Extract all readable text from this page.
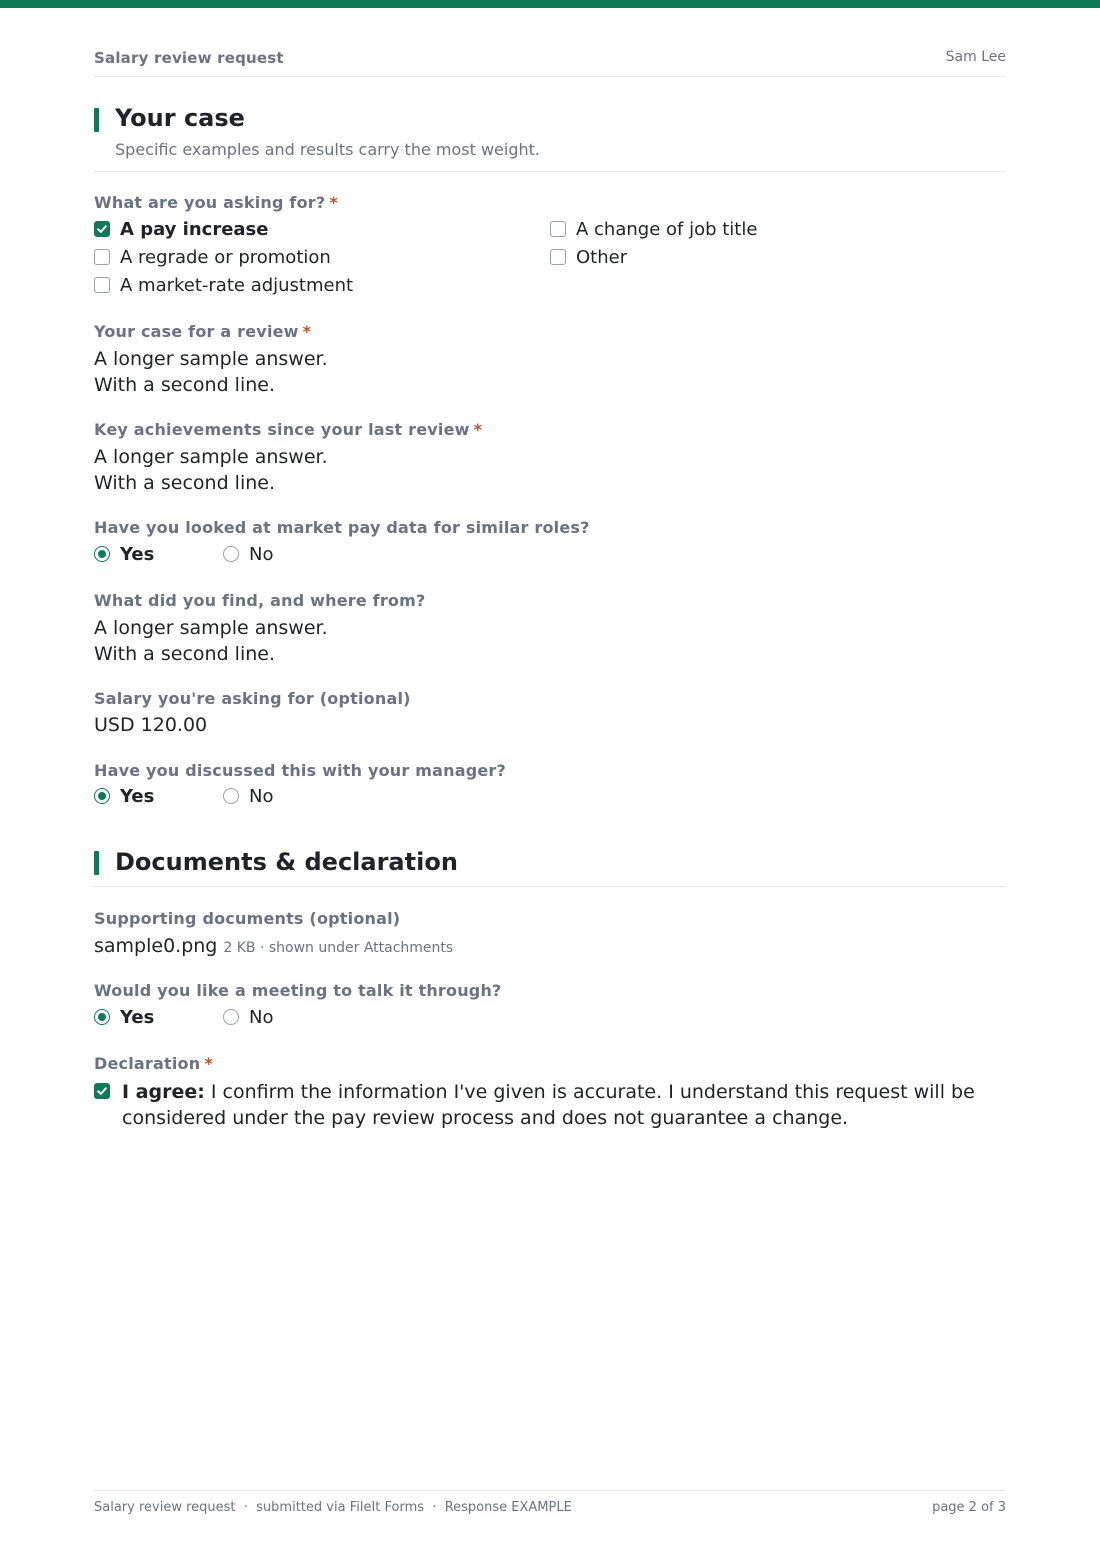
Salary review request	Sam Lee
Your case
Specific examples and results carry the most weight.
What are you asking for? *
A pay increase
A regrade or promotion
A market-rate adjustment
A change of job title
Other
Your case for a review *
A longer sample answer.
With a second line.
Key achievements since your last review *
A longer sample answer.
With a second line.
Have you looked at market pay data for similar roles?
Yes	No
What did you find, and where from?
A longer sample answer.
With a second line.
Salary you're asking for (optional)
USD 120.00
Have you discussed this with your manager?
Yes	No
Documents & declaration
Supporting documents (optional)
sample0.png 2 KB · shown under Attachments
Would you like a meeting to talk it through?
Yes	No
Declaration *
I agree: I confirm the information I've given is accurate. I understand this request will be considered under the pay review process and does not guarantee a change.
Salary review request  ·  submitted via FileIt Forms  ·  Response EXAMPLE	page 2 of 3
